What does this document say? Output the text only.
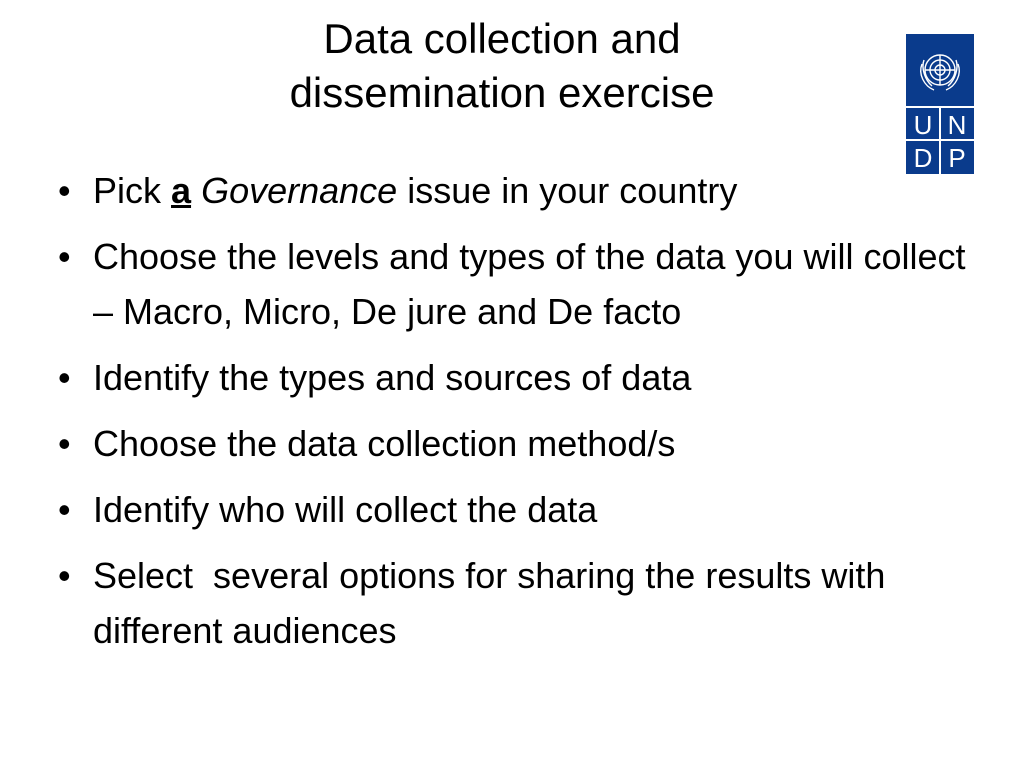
Data collection and
dissemination exercise
U N
D P
• Pick a Governance issue in your country
• Choose the levels and types of the data you will collect – Macro, Micro, De jure and De facto
• Identify the types and sources of data
• Choose the data collection method/s
• Identify who will collect the data
• Select  several options for sharing the results with different audiences
